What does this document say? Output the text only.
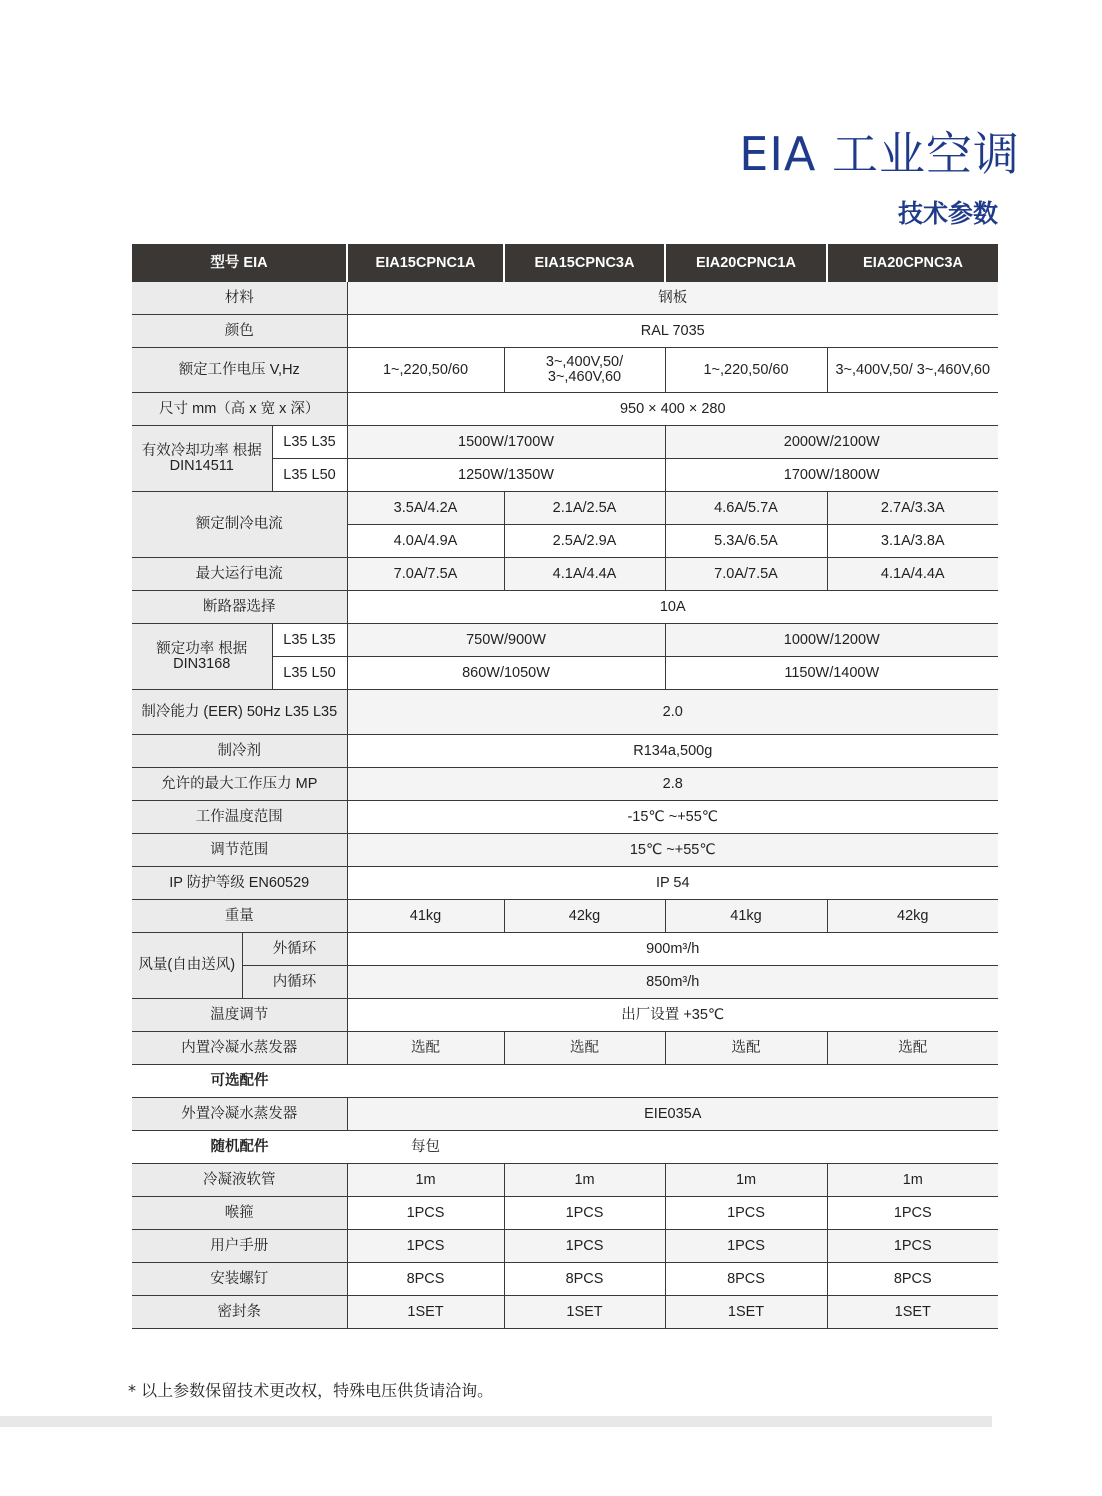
EIA 工业空调
技术参数
型号 EIA			EIA15CPNC1A	EIA15CPNC3A	EIA20CPNC1A	EIA20CPNC3A
材料			钢板			
颜色			RAL 7035			
额定工作电压 V,Hz			1~,220,50/60	3~,400V,50/ 3~,460V,60	1~,220,50/60	3~,400V,50/ 3~,460V,60
尺寸 mm（高 x 宽 x 深）			950 × 400 × 280			
有效冷却功率 根据 DIN14511		L35 L35	1500W/1700W		2000W/2100W	
		L35 L50	1250W/1350W		1700W/1800W	
额定制冷电流			3.5A/4.2A	2.1A/2.5A	4.6A/5.7A	2.7A/3.3A
			4.0A/4.9A	2.5A/2.9A	5.3A/6.5A	3.1A/3.8A
最大运行电流			7.0A/7.5A	4.1A/4.4A	7.0A/7.5A	4.1A/4.4A
断路器选择			10A			
额定功率 根据 DIN3168		L35 L35	750W/900W		1000W/1200W	
		L35 L50	860W/1050W		1150W/1400W	
制冷能力 (EER) 50Hz L35 L35			2.0			
制冷剂			R134a,500g			
允许的最大工作压力 MP			2.8			
工作温度范围			-15℃ ~+55℃			
调节范围			15℃ ~+55℃			
IP 防护等级 EN60529			IP 54			
重量			41kg	42kg	41kg	42kg
风量(自由送风)	外循环		900m³/h			
	内循环		850m³/h			
温度调节			出厂设置 +35℃			
内置冷凝水蒸发器			选配	选配	选配	选配
可选配件						
外置冷凝水蒸发器			EIE035A			
随机配件			每包			
冷凝液软管			1m	1m	1m	1m
喉箍			1PCS	1PCS	1PCS	1PCS
用户手册			1PCS	1PCS	1PCS	1PCS
安装螺钉			8PCS	8PCS	8PCS	8PCS
密封条			1SET	1SET	1SET	1SET
* 以上参数保留技术更改权，特殊电压供货请洽询。
